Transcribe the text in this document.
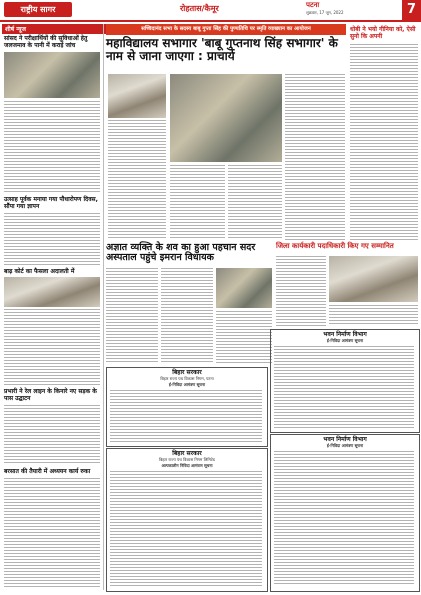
राष्ट्रीय सागर	रोहतास/कैमूर	पटना
शुक्रवार, 17 जून, 2022	7
शीर्ष न्यूज
सांसद ने परीक्षार्थियों की सुविधाओं हेतु जलजमाव के पानी में कराई जांच
उत्साह पूर्वक मनाया गया पौधारोपण दिवस, सौंपा गया ज्ञापन
बाढ़ कोर्ट का फैसला अदालती में
प्रभारी ने रेल लाइन के किनारे नए सड़क के पास उद्घाटन
बरसात की तैयारी में अध्ययन कार्य रुका
सच्चिदानंद सभा के सदस्य बाबू गुप्ता सिंह की पुण्यतिथि पर स्मृति व्याख्यान का आयोजन
महाविद्यालय सभागार 'बाबू गुप्तनाथ सिंह सभागार' के नाम से जाना जाएगा : प्राचार्य
धोबी ने भयो गीनिया को, ऐसी सुनो कि अपनी
अज्ञात व्यक्ति के शव का हुआ पहचान सदर अस्पताल पहुंचे इमरान विधायक
जिला कार्यकारी पदाधिकारी किए गए सम्मानित
बिहार सरकार
बिहार राज्य पथ विकास निगम, पटना
ई-निविदा आमंत्रण सूचना
बिहार सरकार
बिहार राज्य पथ विकास निगम लिमिटेड
अल्पकालीन निविदा आमंत्रण सूचना
भवन निर्माण विभाग
ई-निविदा आमंत्रण सूचना
भवन निर्माण विभाग
ई-निविदा आमंत्रण सूचना
